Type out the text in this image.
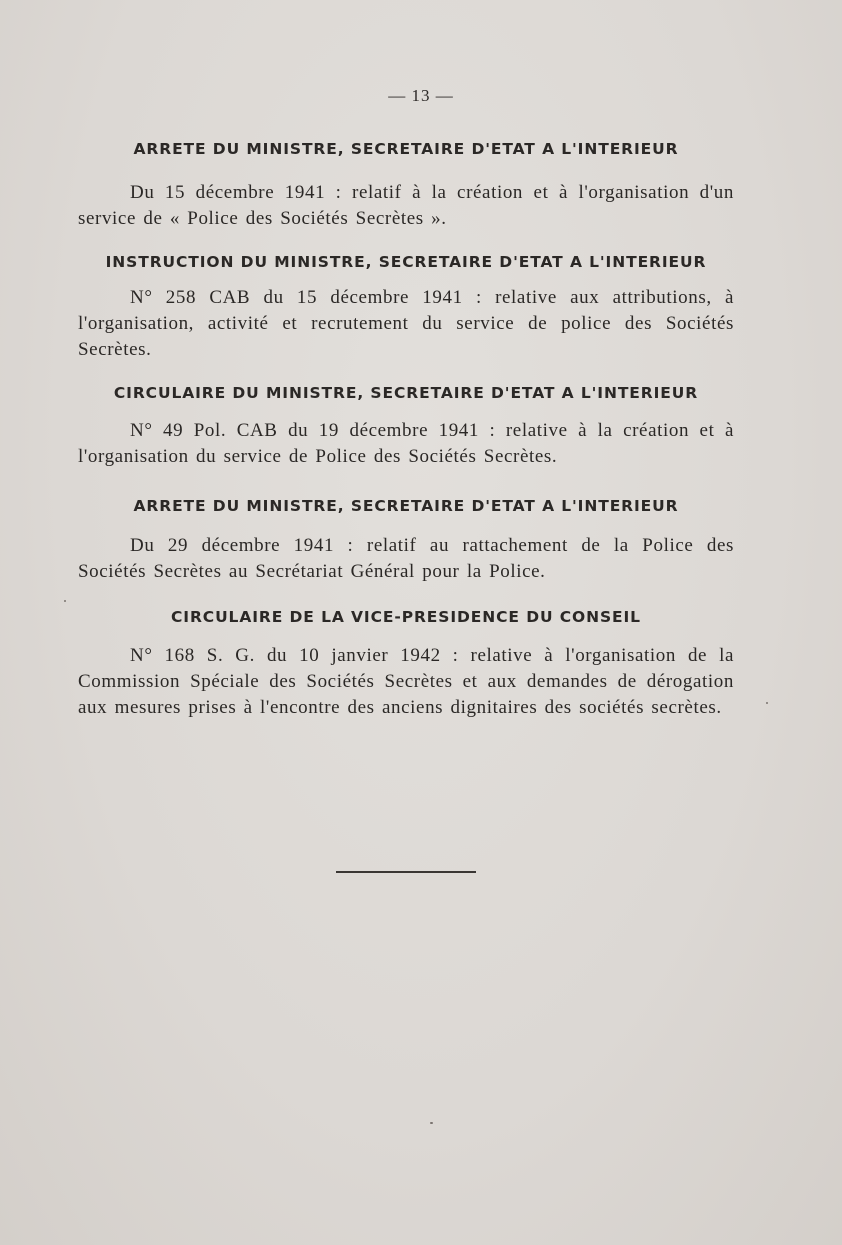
— 13 —
ARRETE DU MINISTRE, SECRETAIRE D'ETAT A L'INTERIEUR
Du 15 décembre 1941 : relatif à la création et à l'organisation d'un service de « Police des Sociétés Secrètes ».
INSTRUCTION DU MINISTRE, SECRETAIRE D'ETAT A L'INTERIEUR
N° 258 CAB du 15 décembre 1941 : relative aux attributions, à l'organisation, activité et recrutement du service de police des Sociétés Secrètes.
CIRCULAIRE DU MINISTRE, SECRETAIRE D'ETAT A L'INTERIEUR
N° 49 Pol. CAB du 19 décembre 1941 : relative à la création et à l'organisation du service de Police des Sociétés Secrètes.
ARRETE DU MINISTRE, SECRETAIRE D'ETAT A L'INTERIEUR
Du 29 décembre 1941 : relatif au rattachement de la Police des Sociétés Secrètes au Secrétariat Général pour la Police.
CIRCULAIRE DE LA VICE-PRESIDENCE DU CONSEIL
N° 168 S. G. du 10 janvier 1942 : relative à l'organisation de la Commission Spéciale des Sociétés Secrètes et aux demandes de dérogation aux mesures prises à l'encontre des anciens dignitaires des sociétés secrètes.
